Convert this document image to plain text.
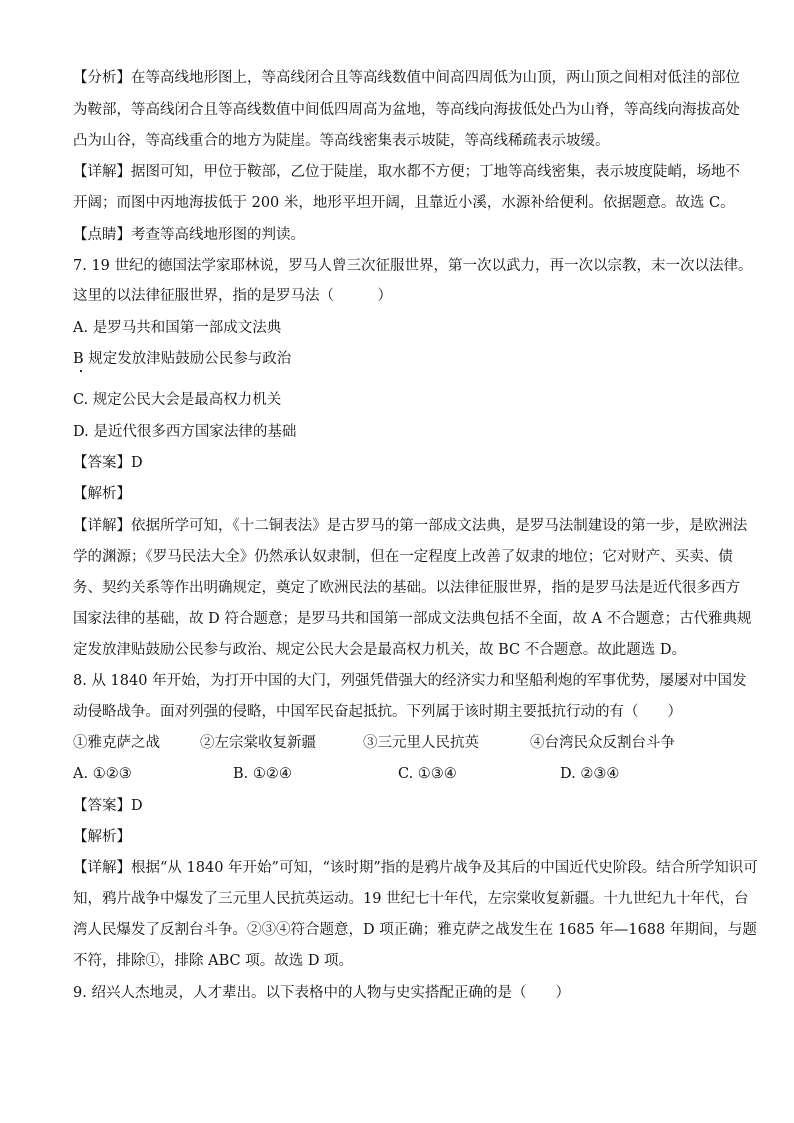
【分析】在等高线地形图上，等高线闭合且等高线数值中间高四周低为山顶，两山顶之间相对低洼的部位
为鞍部，等高线闭合且等高线数值中间低四周高为盆地，等高线向海拔低处凸为山脊，等高线向海拔高处
凸为山谷，等高线重合的地方为陡崖。等高线密集表示坡陡，等高线稀疏表示坡缓。
【详解】据图可知，甲位于鞍部，乙位于陡崖，取水都不方便；丁地等高线密集，表示坡度陡峭，场地不
开阔；而图中丙地海拔低于 200 米，地形平坦开阔，且靠近小溪，水源补给便利。依据题意。故选 C。
【点睛】考查等高线地形图的判读。
7. 19 世纪的德国法学家耶林说，罗马人曾三次征服世界，第一次以武力，再一次以宗教，末一次以法律。
这里的以法律征服世界，指的是罗马法（　　　）
A. 是罗马共和国第一部成文法典
B 规定发放津贴鼓励公民参与政治
C. 规定公民大会是最高权力机关
D. 是近代很多西方国家法律的基础
【答案】D
【解析】
【详解】依据所学可知，《十二铜表法》是古罗马的第一部成文法典，是罗马法制建设的第一步，是欧洲法
学的渊源；《罗马民法大全》仍然承认奴隶制，但在一定程度上改善了奴隶的地位；它对财产、买卖、债
务、契约关系等作出明确规定，奠定了欧洲民法的基础。以法律征服世界，指的是罗马法是近代很多西方
国家法律的基础，故 D 符合题意；是罗马共和国第一部成文法典包括不全面，故 A 不合题意；古代雅典规
定发放津贴鼓励公民参与政治、规定公民大会是最高权力机关，故 BC 不合题意。故此题选 D。
8. 从 1840 年开始，为打开中国的大门，列强凭借强大的经济实力和坚船利炮的军事优势，屡屡对中国发
动侵略战争。面对列强的侵略，中国军民奋起抵抗。下列属于该时期主要抵抗行动的有（　　）
①雅克萨之战	②左宗棠收复新疆	③三元里人民抗英	④台湾民众反割台斗争
A. ①②③	B. ①②④	C. ①③④	D. ②③④
【答案】D
【解析】
【详解】根据“从 1840 年开始”可知，“该时期”指的是鸦片战争及其后的中国近代史阶段。结合所学知识可
知，鸦片战争中爆发了三元里人民抗英运动。19 世纪七十年代，左宗棠收复新疆。十九世纪九十年代，台
湾人民爆发了反割台斗争。②③④符合题意，D 项正确；雅克萨之战发生在 1685 年—1688 年期间，与题
不符，排除①，排除 ABC 项。故选 D 项。
9. 绍兴人杰地灵，人才辈出。以下表格中的人物与史实搭配正确的是（　　）
